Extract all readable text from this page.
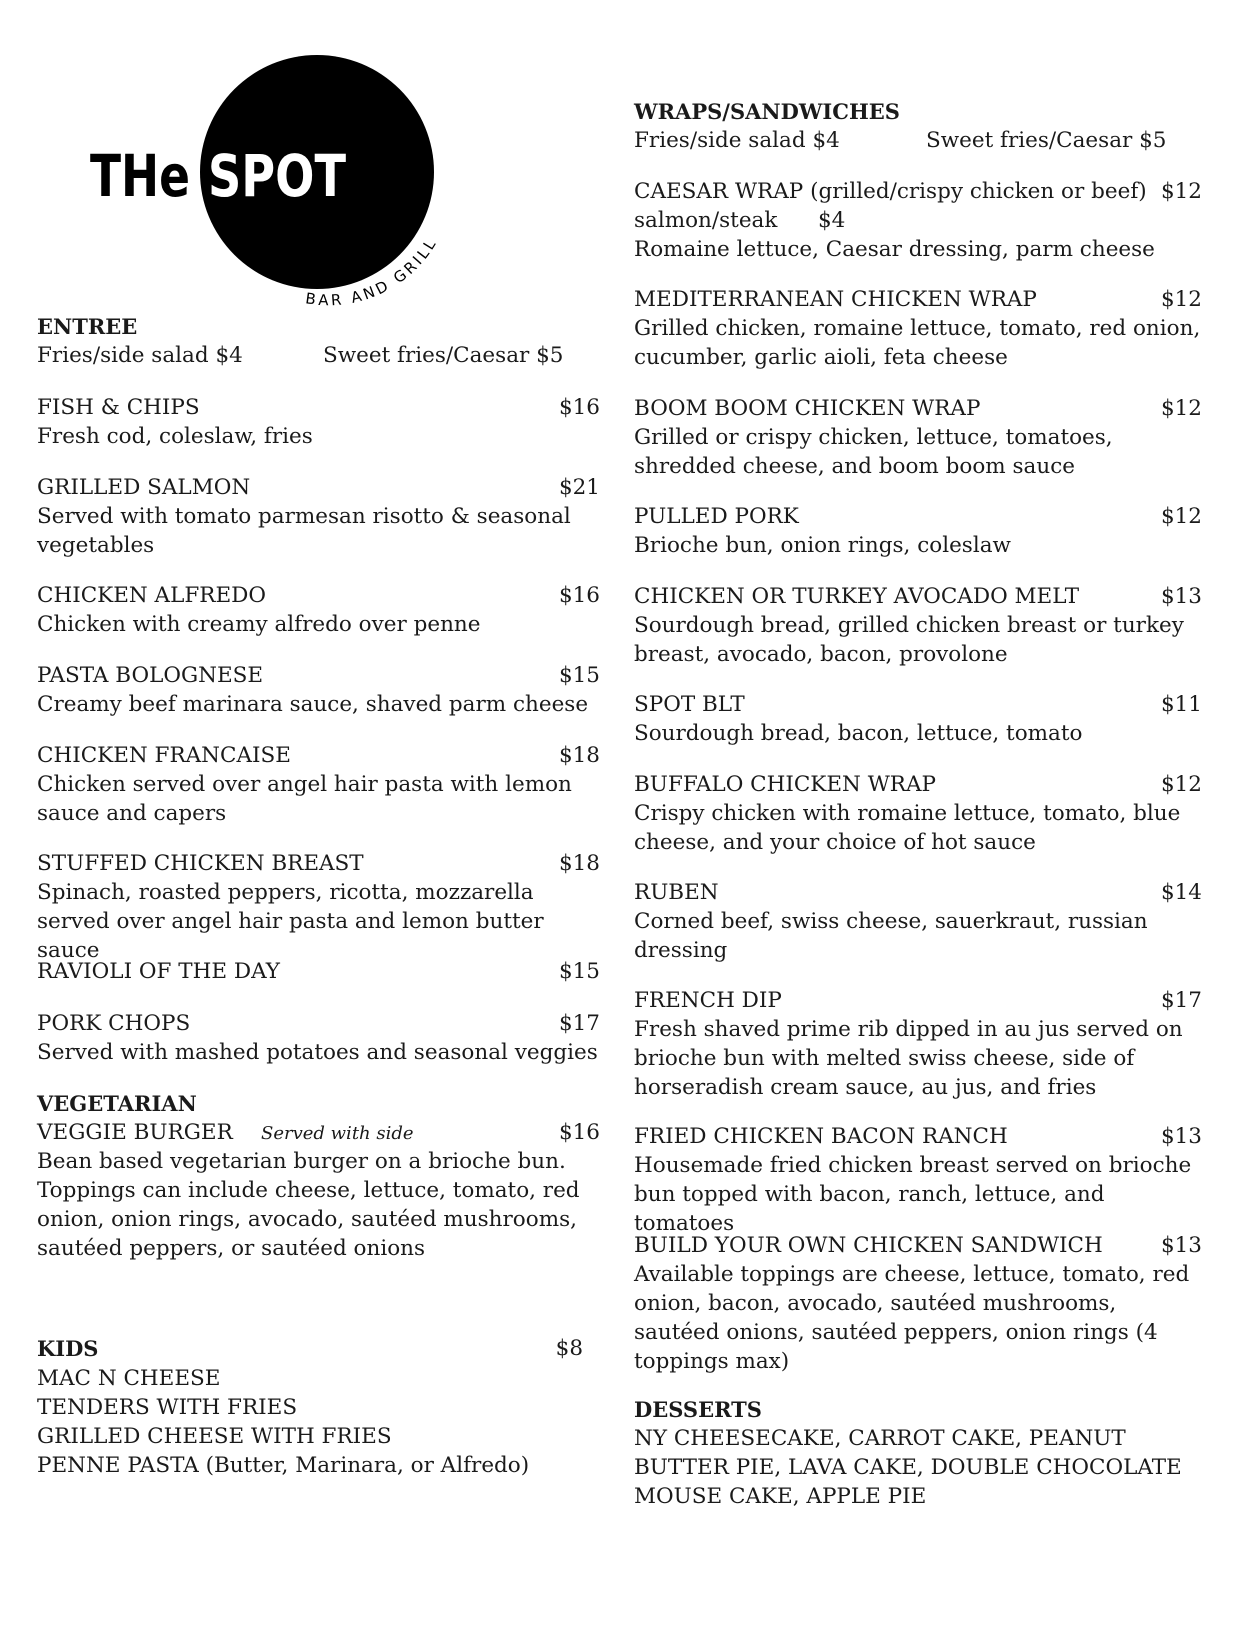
THe SPOT
BAR AND GRILL
ENTREE
Fries/side salad $4	Sweet fries/Caesar $5
FISH & CHIPS	$16
Fresh cod, coleslaw, fries
GRILLED SALMON	$21
Served with tomato parmesan risotto & seasonal vegetables
CHICKEN ALFREDO	$16
Chicken with creamy alfredo over penne
PASTA BOLOGNESE	$15
Creamy beef marinara sauce, shaved parm cheese
CHICKEN FRANCAISE	$18
Chicken served over angel hair pasta with lemon sauce and capers
STUFFED CHICKEN BREAST	$18
Spinach, roasted peppers, ricotta, mozzarella served over angel hair pasta and lemon butter sauce
RAVIOLI OF THE DAY	$15
PORK CHOPS	$17
Served with mashed potatoes and seasonal veggies
VEGETARIAN
VEGGIE BURGER Served with side	$16
Bean based vegetarian burger on a brioche bun. Toppings can include cheese, lettuce, tomato, red onion, onion rings, avocado, sautéed mushrooms, sautéed peppers, or sautéed onions
KIDS	$8
MAC N CHEESE
TENDERS WITH FRIES
GRILLED CHEESE WITH FRIES
PENNE PASTA (Butter, Marinara, or Alfredo)
WRAPS/SANDWICHES
Fries/side salad $4	Sweet fries/Caesar $5
CAESAR WRAP (grilled/crispy chicken or beef) $12
salmon/steak $4
Romaine lettuce, Caesar dressing, parm cheese
MEDITERRANEAN CHICKEN WRAP	$12
Grilled chicken, romaine lettuce, tomato, red onion, cucumber, garlic aioli, feta cheese
BOOM BOOM CHICKEN WRAP	$12
Grilled or crispy chicken, lettuce, tomatoes, shredded cheese, and boom boom sauce
PULLED PORK	$12
Brioche bun, onion rings, coleslaw
CHICKEN OR TURKEY AVOCADO MELT	$13
Sourdough bread, grilled chicken breast or turkey breast, avocado, bacon, provolone
SPOT BLT	$11
Sourdough bread, bacon, lettuce, tomato
BUFFALO CHICKEN WRAP	$12
Crispy chicken with romaine lettuce, tomato, blue cheese, and your choice of hot sauce
RUBEN	$14
Corned beef, swiss cheese, sauerkraut, russian dressing
FRENCH DIP	$17
Fresh shaved prime rib dipped in au jus served on brioche bun with melted swiss cheese, side of horseradish cream sauce, au jus, and fries
FRIED CHICKEN BACON RANCH	$13
Housemade fried chicken breast served on brioche bun topped with bacon, ranch, lettuce, and tomatoes
BUILD YOUR OWN CHICKEN SANDWICH	$13
Available toppings are cheese, lettuce, tomato, red onion, bacon, avocado, sautéed mushrooms, sautéed onions, sautéed peppers, onion rings (4 toppings max)
DESSERTS
NY CHEESECAKE, CARROT CAKE, PEANUT BUTTER PIE, LAVA CAKE, DOUBLE CHOCOLATE MOUSE CAKE, APPLE PIE
